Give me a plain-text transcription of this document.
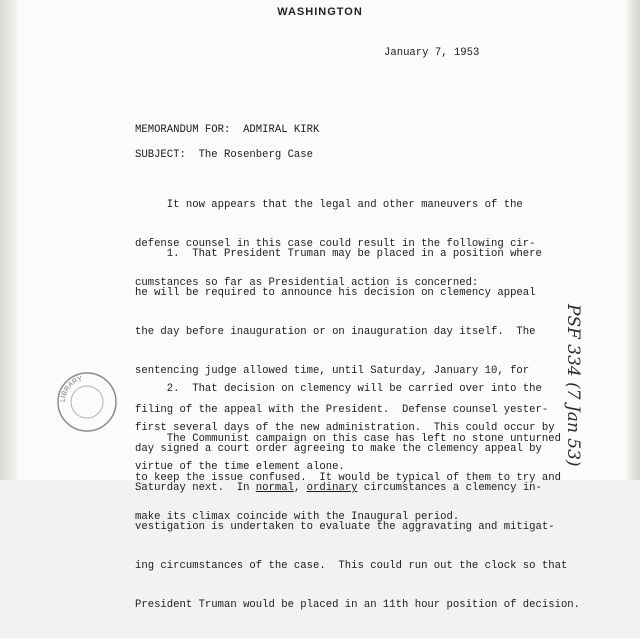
WASHINGTON
January 7, 1953
MEMORANDUM FOR:  ADMIRAL KIRK
SUBJECT:  The Rosenberg Case

It now appears that the legal and other maneuvers of the

defense counsel in this case could result in the following cir-

cumstances so far as Presidential action is concerned:

1.  That President Truman may be placed in a position where

he will be required to announce his decision on clemency appeal

the day before inauguration or on inauguration day itself.  The

sentencing judge allowed time, until Saturday, January 10, for

filing of the appeal with the President.  Defense counsel yester-

day signed a court order agreeing to make the clemency appeal by

Saturday next.  In normal, ordinary circumstances a clemency in-

vestigation is undertaken to evaluate the aggravating and mitigat-

ing circumstances of the case.  This could run out the clock so that

President Truman would be placed in an 11th hour position of decision.

2.  That decision on clemency will be carried over into the

first several days of the new administration.  This could occur by

virtue of the time element alone.

The Communist campaign on this case has left no stone unturned

to keep the issue confused.  It would be typical of them to try and

make its climax coincide with the Inaugural period.

LIBRARY	PSF 334 (7 Jan 53)
